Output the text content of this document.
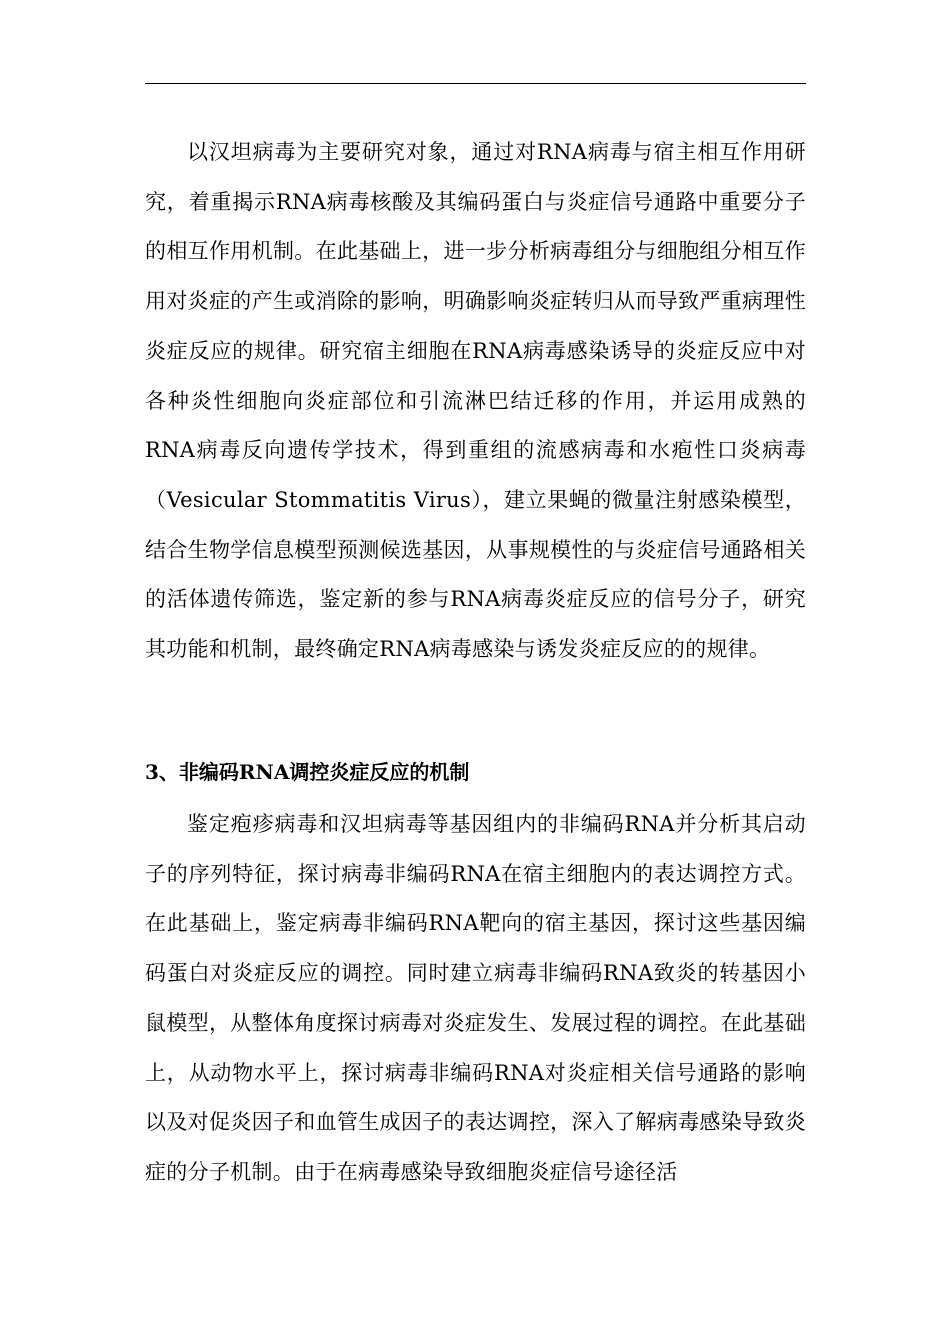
以汉坦病毒为主要研究对象，通过对RNA病毒与宿主相互作用研究，着重揭示RNA病毒核酸及其编码蛋白与炎症信号通路中重要分子的相互作用机制。在此基础上，进一步分析病毒组分与细胞组分相互作用对炎症的产生或消除的影响，明确影响炎症转归从而导致严重病理性炎症反应的规律。研究宿主细胞在RNA病毒感染诱导的炎症反应中对各种炎性细胞向炎症部位和引流淋巴结迁移的作用，并运用成熟的RNA病毒反向遗传学技术，得到重组的流感病毒和水疱性口炎病毒（Vesicular Stommatitis Virus），建立果蝇的微量注射感染模型，结合生物学信息模型预测候选基因，从事规模性的与炎症信号通路相关的活体遗传筛选，鉴定新的参与RNA病毒炎症反应的信号分子，研究其功能和机制，最终确定RNA病毒感染与诱发炎症反应的的规律。
3、非编码RNA调控炎症反应的机制
鉴定疱疹病毒和汉坦病毒等基因组内的非编码RNA并分析其启动子的序列特征，探讨病毒非编码RNA在宿主细胞内的表达调控方式。在此基础上，鉴定病毒非编码RNA靶向的宿主基因，探讨这些基因编码蛋白对炎症反应的调控。同时建立病毒非编码RNA致炎的转基因小鼠模型，从整体角度探讨病毒对炎症发生、发展过程的调控。在此基础上，从动物水平上，探讨病毒非编码RNA对炎症相关信号通路的影响以及对促炎因子和血管生成因子的表达调控，深入了解病毒感染导致炎症的分子机制。由于在病毒感染导致细胞炎症信号途径活
